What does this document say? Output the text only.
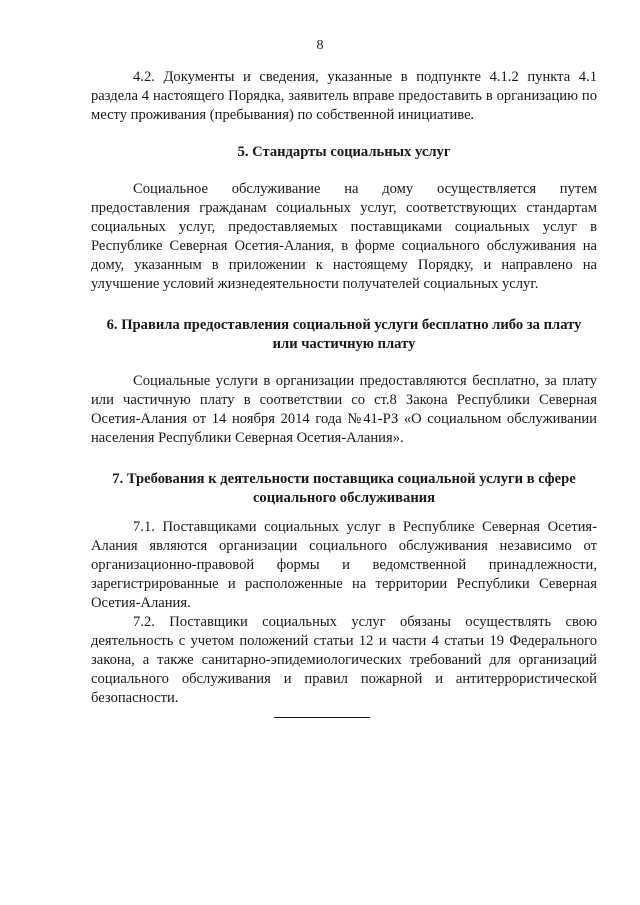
8

4.2. Документы и сведения, указанные в подпункте 4.1.2 пункта 4.1 раздела 4 настоящего Порядка, заявитель вправе предоставить в организацию по месту проживания (пребывания) по собственной инициативе.

5. Стандарты социальных услуг

Социальное обслуживание на дому осуществляется путем предоставления гражданам социальных услуг, соответствующих стандартам социальных услуг, предоставляемых поставщиками социальных услуг в Республике Северная Осетия-Алания, в форме социального обслуживания на дому, указанным в приложении к настоящему Порядку, и направлено на улучшение условий жизнедеятельности получателей социальных услуг.

6. Правила предоставления социальной услуги бесплатно либо за плату или частичную плату

Социальные услуги в организации предоставляются бесплатно, за плату или частичную плату в соответствии со ст.8 Закона Республики Северная Осетия-Алания от 14 ноября 2014 года №41-РЗ «О социальном обслуживании населения Республики Северная Осетия-Алания».

7. Требования к деятельности поставщика социальной услуги в сфере социального обслуживания

7.1. Поставщиками социальных услуг в Республике Северная Осетия-Алания являются организации социального обслуживания независимо от организационно-правовой формы и ведомственной принадлежности, зарегистрированные и расположенные на территории Республики Северная Осетия-Алания.

7.2. Поставщики социальных услуг обязаны осуществлять свою деятельность с учетом положений статьи 12 и части 4 статьи 19 Федерального закона, а также санитарно-эпидемиологических требований для организаций социального обслуживания и правил пожарной и антитеррористической безопасности.
